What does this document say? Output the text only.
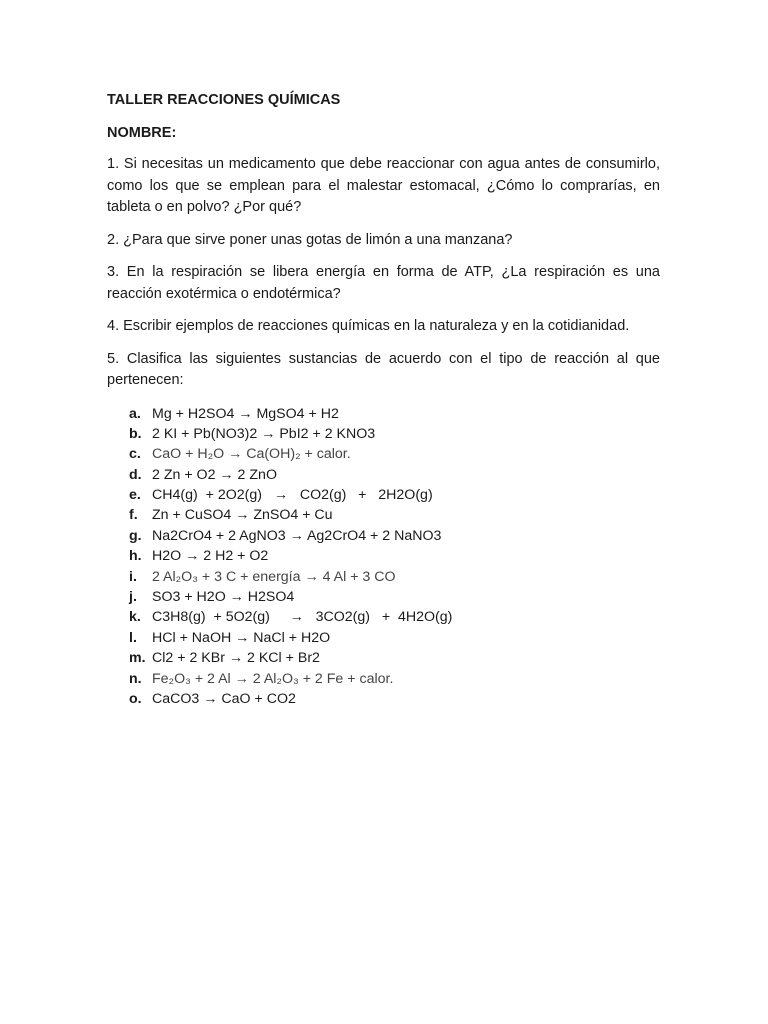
TALLER REACCIONES QUÍMICAS

NOMBRE:

1. Si necesitas un medicamento que debe reaccionar con agua antes de consumirlo, como los que se emplean para el malestar estomacal, ¿Cómo lo comprarías, en tableta o en polvo? ¿Por qué?

2. ¿Para que sirve poner unas gotas de limón a una manzana?

3. En la respiración se libera energía en forma de ATP, ¿La respiración es una reacción exotérmica o endotérmica?

4. Escribir ejemplos de reacciones químicas en la naturaleza y en la cotidianidad.

5. Clasifica las siguientes sustancias de acuerdo con el tipo de reacción al que pertenecen:

a. Mg + H2SO4 → MgSO4 + H2
b. 2 KI + Pb(NO3)2 → PbI2 + 2 KNO3
c. CaO + H₂O → Ca(OH)₂ + calor.
d. 2 Zn + O2 → 2 ZnO
e. CH4(g)  + 2O2(g)   →   CO2(g)   +   2H2O(g)
f.	Zn + CuSO4 → ZnSO4 + Cu
g. Na2CrO4 + 2 AgNO3 → Ag2CrO4 + 2 NaNO3
h. H2O → 2 H2 + O2
i.	2 Al₂O₃ + 3 C + energía → 4 Al + 3 CO
j.	SO3 + H2O → H2SO4
k. C3H8(g)  + 5O2(g)     →   3CO2(g)   +  4H2O(g)
l.	HCl + NaOH → NaCl + H2O
m. Cl2 + 2 KBr → 2 KCl + Br2
n. Fe₂O₃ + 2 Al → 2 Al₂O₃ + 2 Fe + calor.
o. CaCO3 → CaO + CO2
